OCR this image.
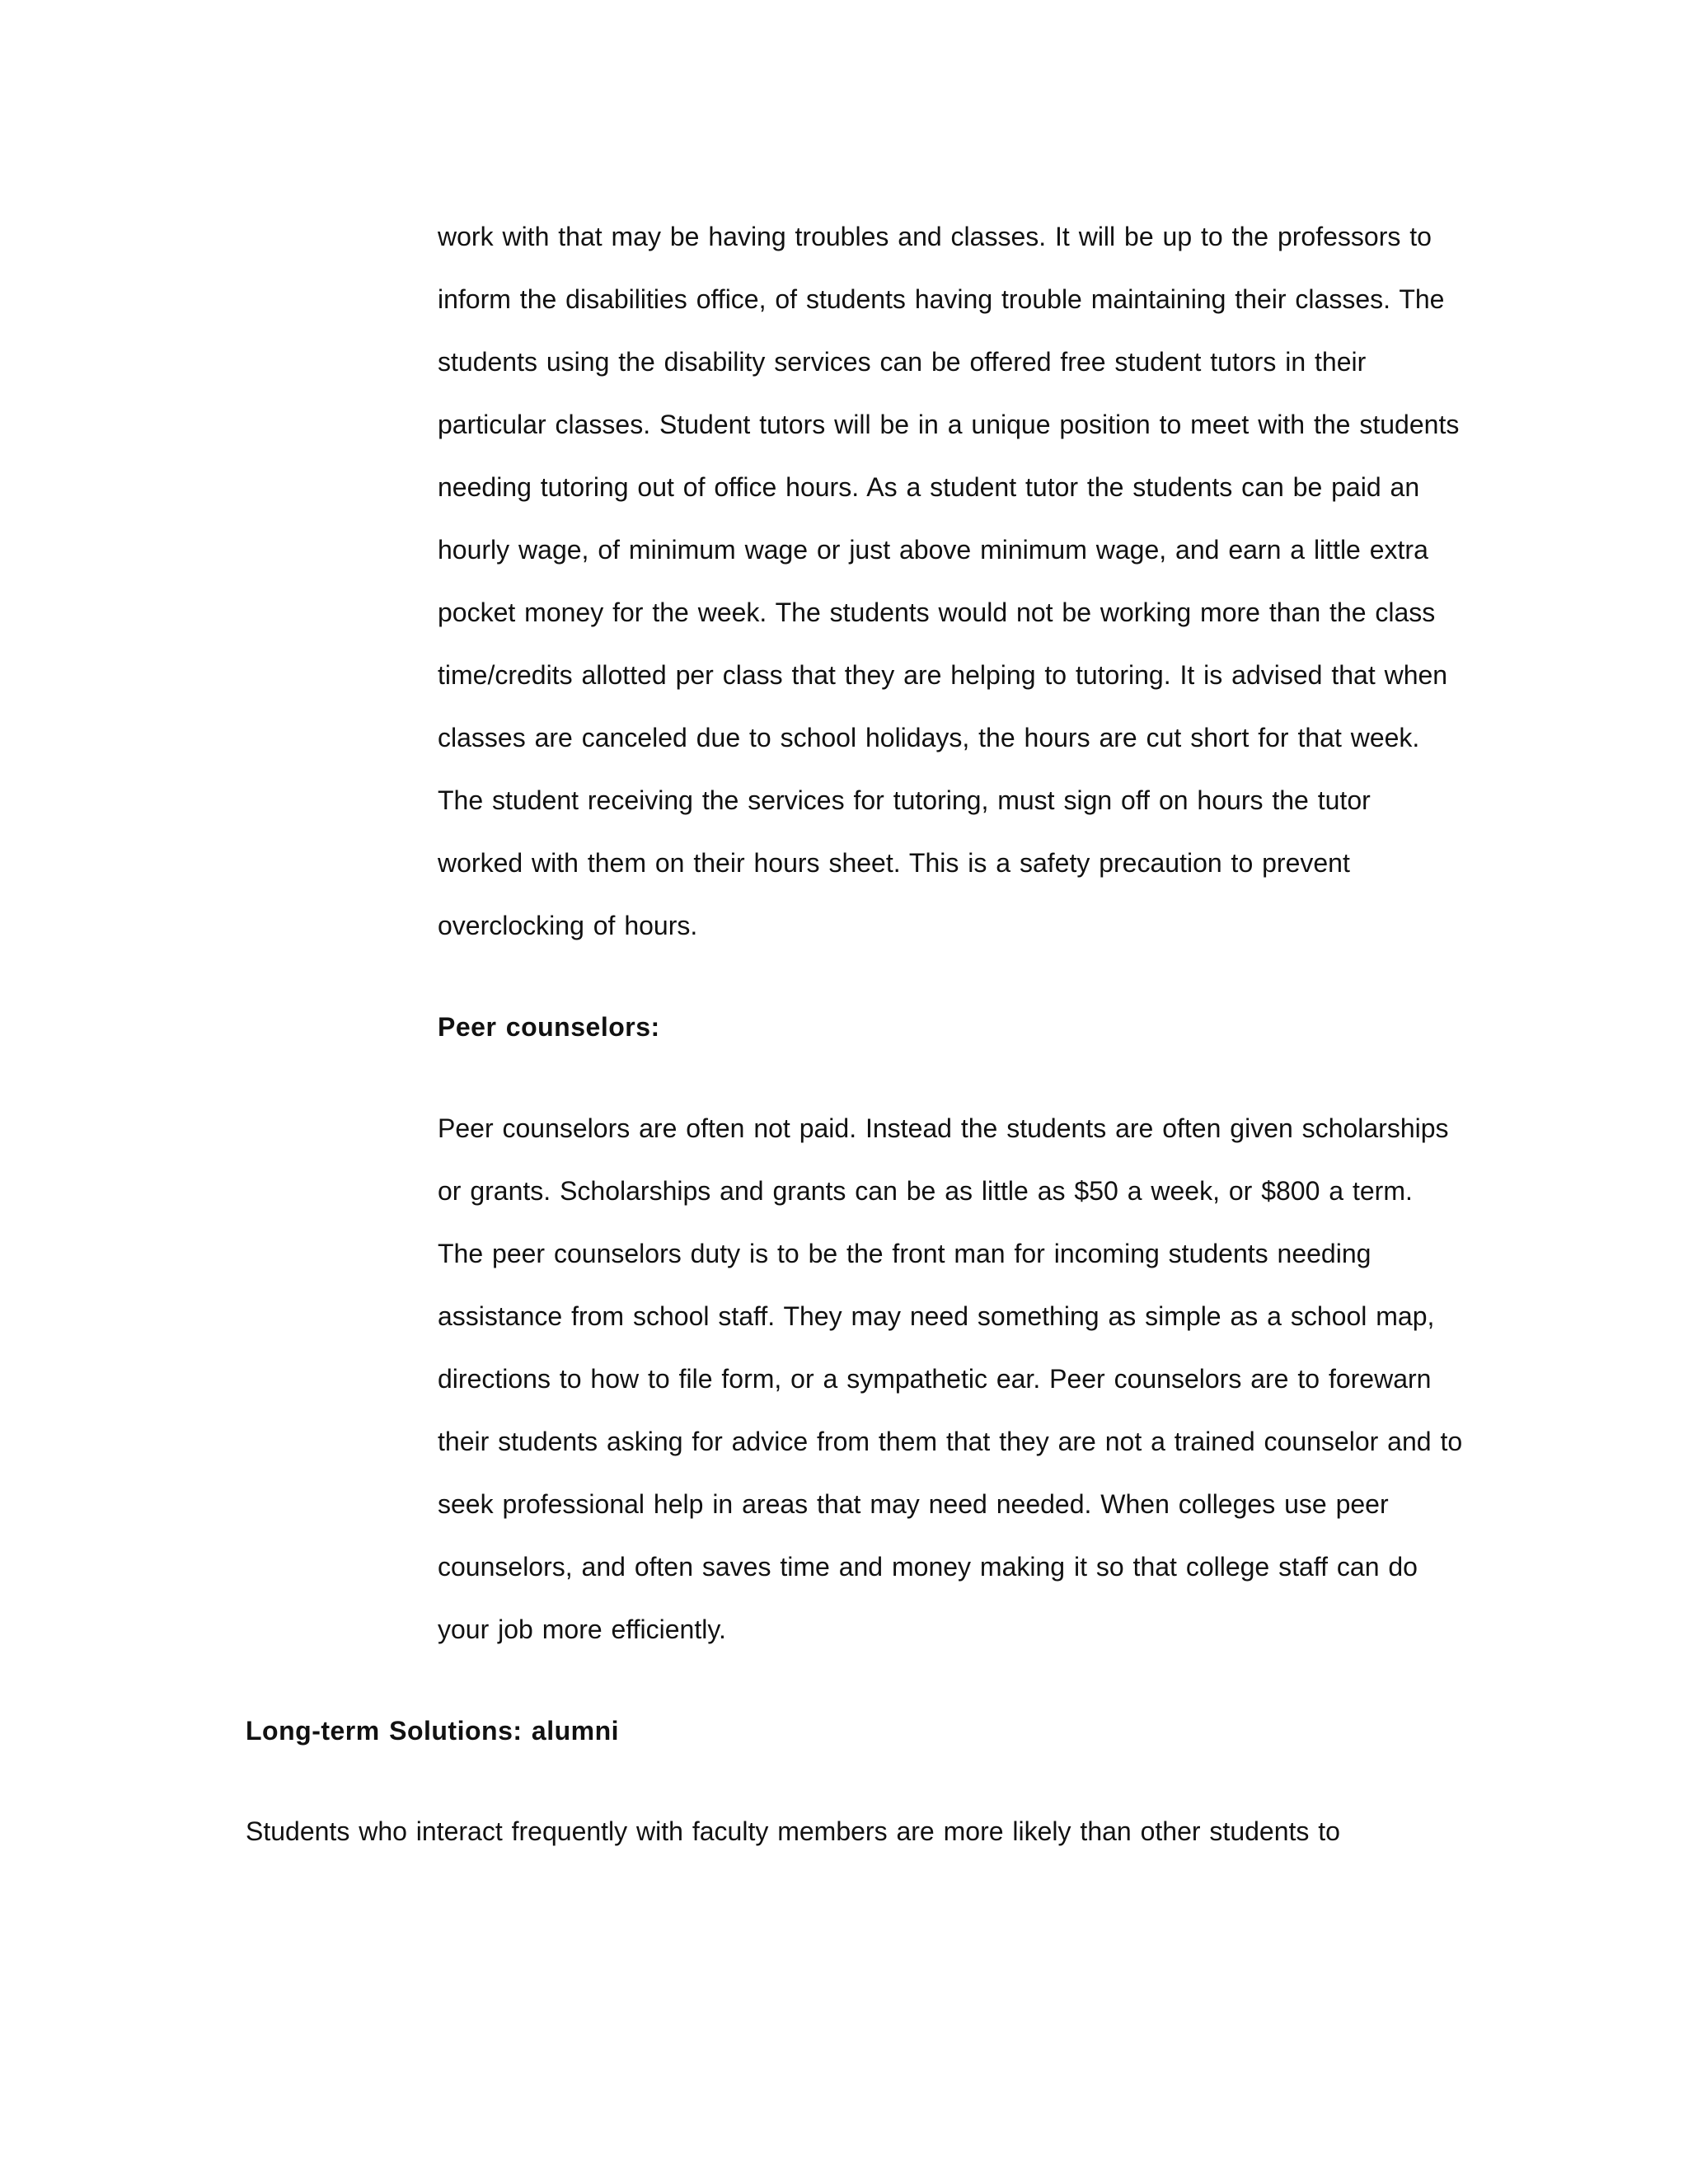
work with that may be having troubles and classes. It will be up to the professors to

inform the disabilities office, of students having trouble maintaining their classes. The

students using the disability services can be offered free student tutors in their

particular classes. Student tutors will be in a unique position to meet with the students

needing tutoring out of office hours. As a student tutor the students can be paid an

hourly wage, of minimum wage or just above minimum wage, and earn a little extra

pocket money for the week. The students would not be working more than the class

time/credits allotted per class that they are helping to tutoring. It is advised that when

classes are canceled due to school holidays, the hours are cut short for that week.

The student receiving the services for tutoring, must sign off on hours the tutor

worked with them on their hours sheet. This is a safety precaution to prevent

overclocking of hours.

Peer counselors:

Peer counselors are often not paid. Instead the students are often given scholarships

or grants. Scholarships and grants can be as little as $50 a week, or $800 a term.

The peer counselors duty is to be the front man for incoming students needing

assistance from school staff. They may need something as simple as a school map,

directions to how to file form, or a sympathetic ear. Peer counselors are to forewarn

their students asking for advice from them that they are not a trained counselor and to

seek professional help in areas that may need needed. When colleges use peer

counselors, and often saves time and money making it so that college staff can do

your job more efficiently.

Long-term Solutions: alumni

Students who interact frequently with faculty members are more likely than other students to
